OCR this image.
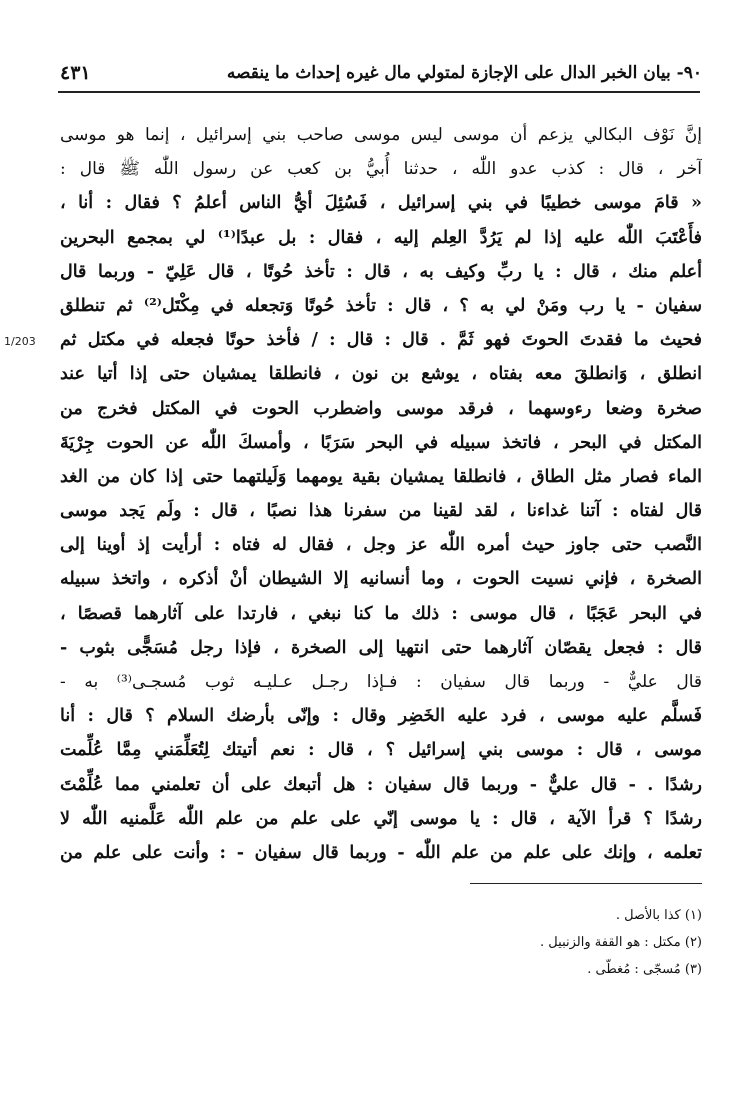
٩٠- بيان الخبر الدال على الإجازة لمتولي مال غيره إحداث ما ينقصه
٤٣١
1/203
إنَّ نَوْف البكالي يزعم أن موسى ليس موسى صاحب بني إسرائيل ، إنما هو موسى
آخر ، قال : كذب عدو اللّٰه ، حدثنا أُبيُّ بن كعب عن رسول اللّٰه ﷺ قال :
« قامَ موسى خطيبًا في بني إسرائيل ، فَسُئِلَ أيُّ الناس أعلمُ ؟ فقال : أنا ،
فأَعْتَبَ اللّٰه عليه إذا لم يَرُدَّ العِلم إليه ، فقال : بل عبدًا⁽¹⁾ لي بمجمع البحرين
أعلم منك ، قال : يا ربِّ وكيف به ، قال : تأخذ حُوتًا ، قال عَلِيّ - وربما قال
سفيان - يا رب ومَنْ لي به ؟ ، قال : تأخذ حُوتًا وَتجعله في مِكْتَل⁽²⁾ ثم تنطلق
فحيث ما فقدتَ الحوتَ فهو ثَمَّ . قال : قال : / فأخذ حوتًا فجعله في مكتل ثم
انطلق ، وَانطلقَ معه بفتاه ، يوشع بن نون ، فانطلقا يمشيان حتى إذا أتيا عند
صخرة وضعا رءوسهما ، فرقد موسى واضطرب الحوت في المكتل فخرج من
المكتل في البحر ، فاتخذ سبيله في البحر سَرَبًا ، وأمسكَ اللّٰه عن الحوت جِرْيَةَ
الماء فصار مثل الطاق ، فانطلقا يمشيان بقية يومهما وَلَيلتهما حتى إذا كان من الغد
قال لفتاه : آتنا غداءنا ، لقد لقينا من سفرنا هذا نصبًا ، قال : ولَم يَجد موسى
النَّصب حتى جاوز حيث أمره اللّٰه عز وجل ، فقال له فتاه : أرأيت إذ أوينا إلى
الصخرة ، فإني نسيت الحوت ، وما أنسانيه إلا الشيطان أنْ أذكره ، واتخذ سبيله
في البحر عَجَبًا ، قال موسى : ذلك ما كنا نبغي ، فارتدا على آثارهما قصصًا ،
قال : فجعل يقصّان آثارهما حتى انتهيا إلى الصخرة ، فإذا رجل مُسَجًّى بثوب -
قال عليٌّ - وربما قال سفيان : فـإذا رجـل عـليـه ثوب مُسجـى⁽³⁾ به -
فَسلَّم عليه موسى ، فرد عليه الخَضِر وقال : وإنّى بأرضك السلام ؟ قال : أنا
موسى ، قال : موسى بني إسرائيل ؟ ، قال : نعم أتيتك لِتُعَلِّمَني مِمَّا عُلِّمت
رشدًا . - قال عليٌّ - وربما قال سفيان : هل أتبعك على أن تعلمني مما عُلِّمْتَ
رشدًا ؟ قرأ الآية ، قال : يا موسى إنّي على علم من علم اللّٰه عَلَّمنيه اللّٰه لا
تعلمه ، وإنك على علم من علم اللّٰه - وربما قال سفيان - : وأنت على علم من
(١) كذا بالأصل .
(٢) مكتل : هو القفة والزنبيل .
(٣) مُسجّى : مُغطّى .
